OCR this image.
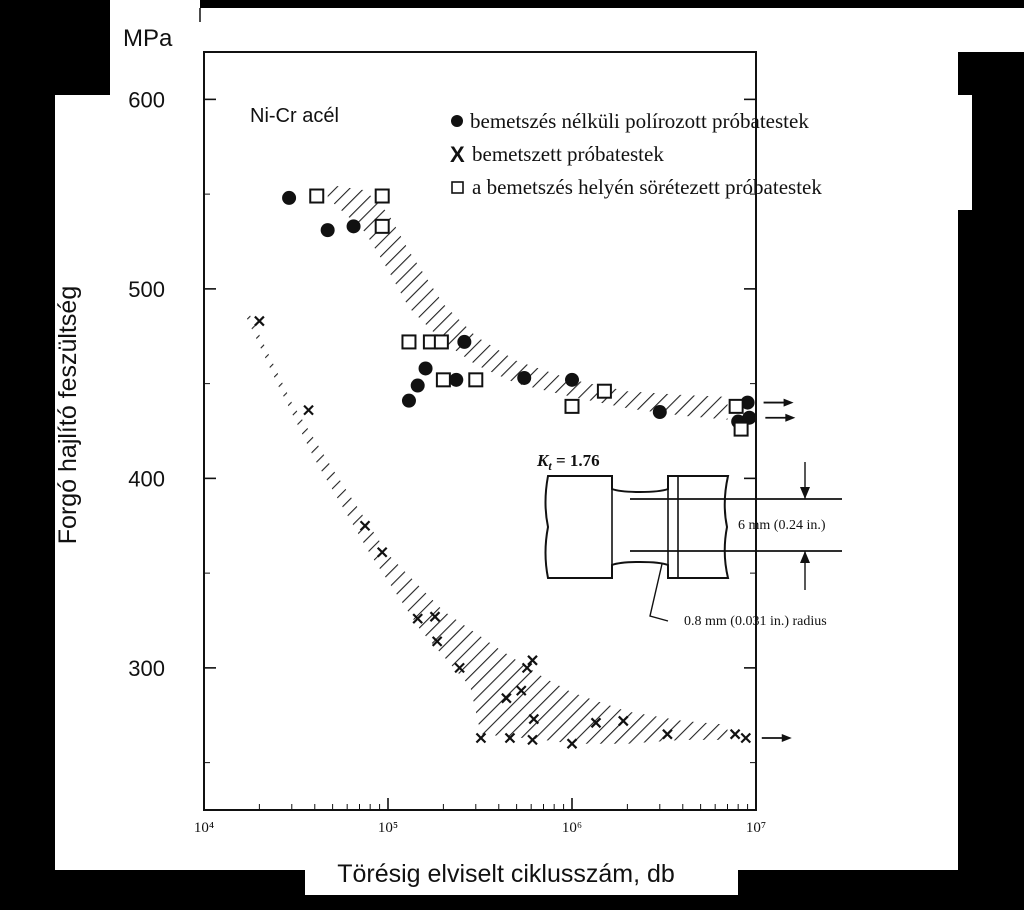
10⁴	10⁵	10⁶	10⁷
300
400
500
600
MPa
Forgó hajlító feszültség
Törésig elviselt ciklusszám, db
Ni-Cr acél	bemetszés nélküli polírozott próbatestek
X bemetszett próbatestek
a bemetszés helyén sörétezett próbatestek
$K_t = 1.76$
6 mm (0.24 in.)
0.8 mm (0.031 in.) radius
